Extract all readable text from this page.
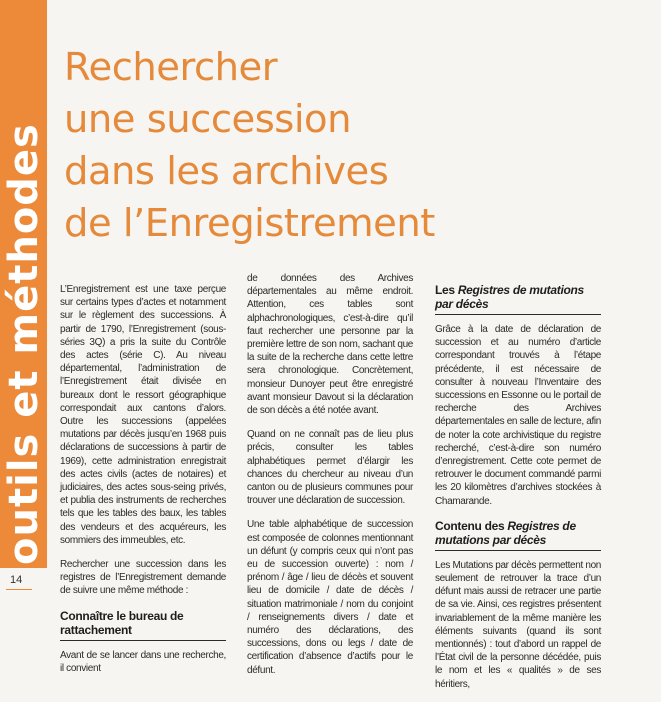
outils et méthodes
14
Rechercher
une succession
dans les archives
de l’Enregistrement

L’Enregistrement est une taxe perçue sur certains types d’actes et notamment sur le règlement des successions. À partir de 1790, l’Enregistrement (sous-séries 3Q) a pris la suite du Contrôle des actes (série C). Au niveau départemental, l’administration de l’Enregistrement était divisée en bureaux dont le ressort géographique correspondait aux cantons d’alors. Outre les successions (appelées mutations par décès jusqu’en 1968 puis déclarations de successions à partir de 1969), cette administration enregistrait des actes civils (actes de notaires) et judiciaires, des actes sous-seing privés, et publia des instruments de recherches tels que les tables des baux, les tables des vendeurs et des acquéreurs, les sommiers des immeubles, etc.

Rechercher une succession dans les registres de l’Enregistrement demande de suivre une même méthode :

Connaître le bureau de rattachement

Avant de se lancer dans une recherche, il convient

de données des Archives départementales au même endroit. Attention, ces tables sont alphachronologiques, c’est-à-dire qu’il faut rechercher une personne par la première lettre de son nom, sachant que la suite de la recherche dans cette lettre sera chronologique. Concrètement, monsieur Dunoyer peut être enregistré avant monsieur Davout si la déclaration de son décès a été notée avant.

Quand on ne connaît pas de lieu plus précis, consulter les tables alphabétiques permet d’élargir les chances du chercheur au niveau d’un canton ou de plusieurs communes pour trouver une déclaration de succession.

Une table alphabétique de succession est composée de colonnes mentionnant un défunt (y compris ceux qui n’ont pas eu de succession ouverte) : nom / prénom / âge / lieu de décès et souvent lieu de domicile / date de décès / situation matrimoniale / nom du conjoint / renseignements divers / date et numéro des déclarations, des successions, dons ou legs / date de certification d’absence d’actifs pour le défunt.

Les Registres de mutations par décès

Grâce à la date de déclaration de succession et au numéro d’article correspondant trouvés à l’étape précédente, il est nécessaire de consulter à nouveau l’Inventaire des successions en Essonne ou le portail de recherche des Archives départementales en salle de lecture, afin de noter la cote archivistique du registre recherché, c’est-à-dire son numéro d’enregistrement. Cette cote permet de retrouver le document commandé parmi les 20 kilomètres d’archives stockées à Chamarande.

Contenu des Registres de mutations par décès

Les Mutations par décès permettent non seulement de retrouver la trace d’un défunt mais aussi de retracer une partie de sa vie. Ainsi, ces registres présentent invariablement de la même manière les éléments suivants (quand ils sont mentionnés) : tout d’abord un rappel de l’État civil de la personne décédée, puis le nom et les « qualités » de ses héritiers,
